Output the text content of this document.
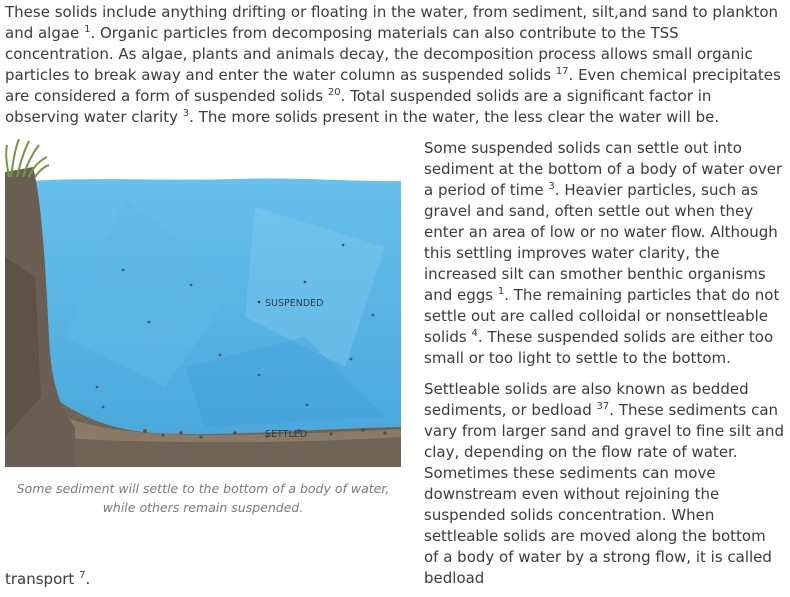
These solids include anything drifting or floating in the water, from sediment, silt,and sand to plankton and algae $^1$. Organic particles from decomposing materials can also contribute to the TSS concentration. As algae, plants and animals decay, the decomposition process allows small organic particles to break away and enter the water column as suspended solids $^{17}$. Even chemical precipitates are considered a form of suspended solids $^{20}$. Total suspended solids are a significant factor in observing water clarity $^3$. The more solids present in the water, the less clear the water will be.

SUSPENDED
SETTLED

Some sediment will settle to the bottom of a body of water, while others remain suspended.

Some suspended solids can settle out into sediment at the bottom of a body of water over a period of time $^3$. Heavier particles, such as gravel and sand, often settle out when they enter an area of low or no water flow. Although this settling improves water clarity, the increased silt can smother benthic organisms and eggs $^1$. The remaining particles that do not settle out are called colloidal or nonsettleable solids $^4$. These suspended solids are either too small or too light to settle to the bottom.

Settleable solids are also known as bedded sediments, or bedload $^{37}$. These sediments can vary from larger sand and gravel to fine silt and clay, depending on the flow rate of water. Sometimes these sediments can move downstream even without rejoining the suspended solids concentration. When settleable solids are moved along the bottom of a body of water by a strong flow, it is called bedload

transport $^7$.
